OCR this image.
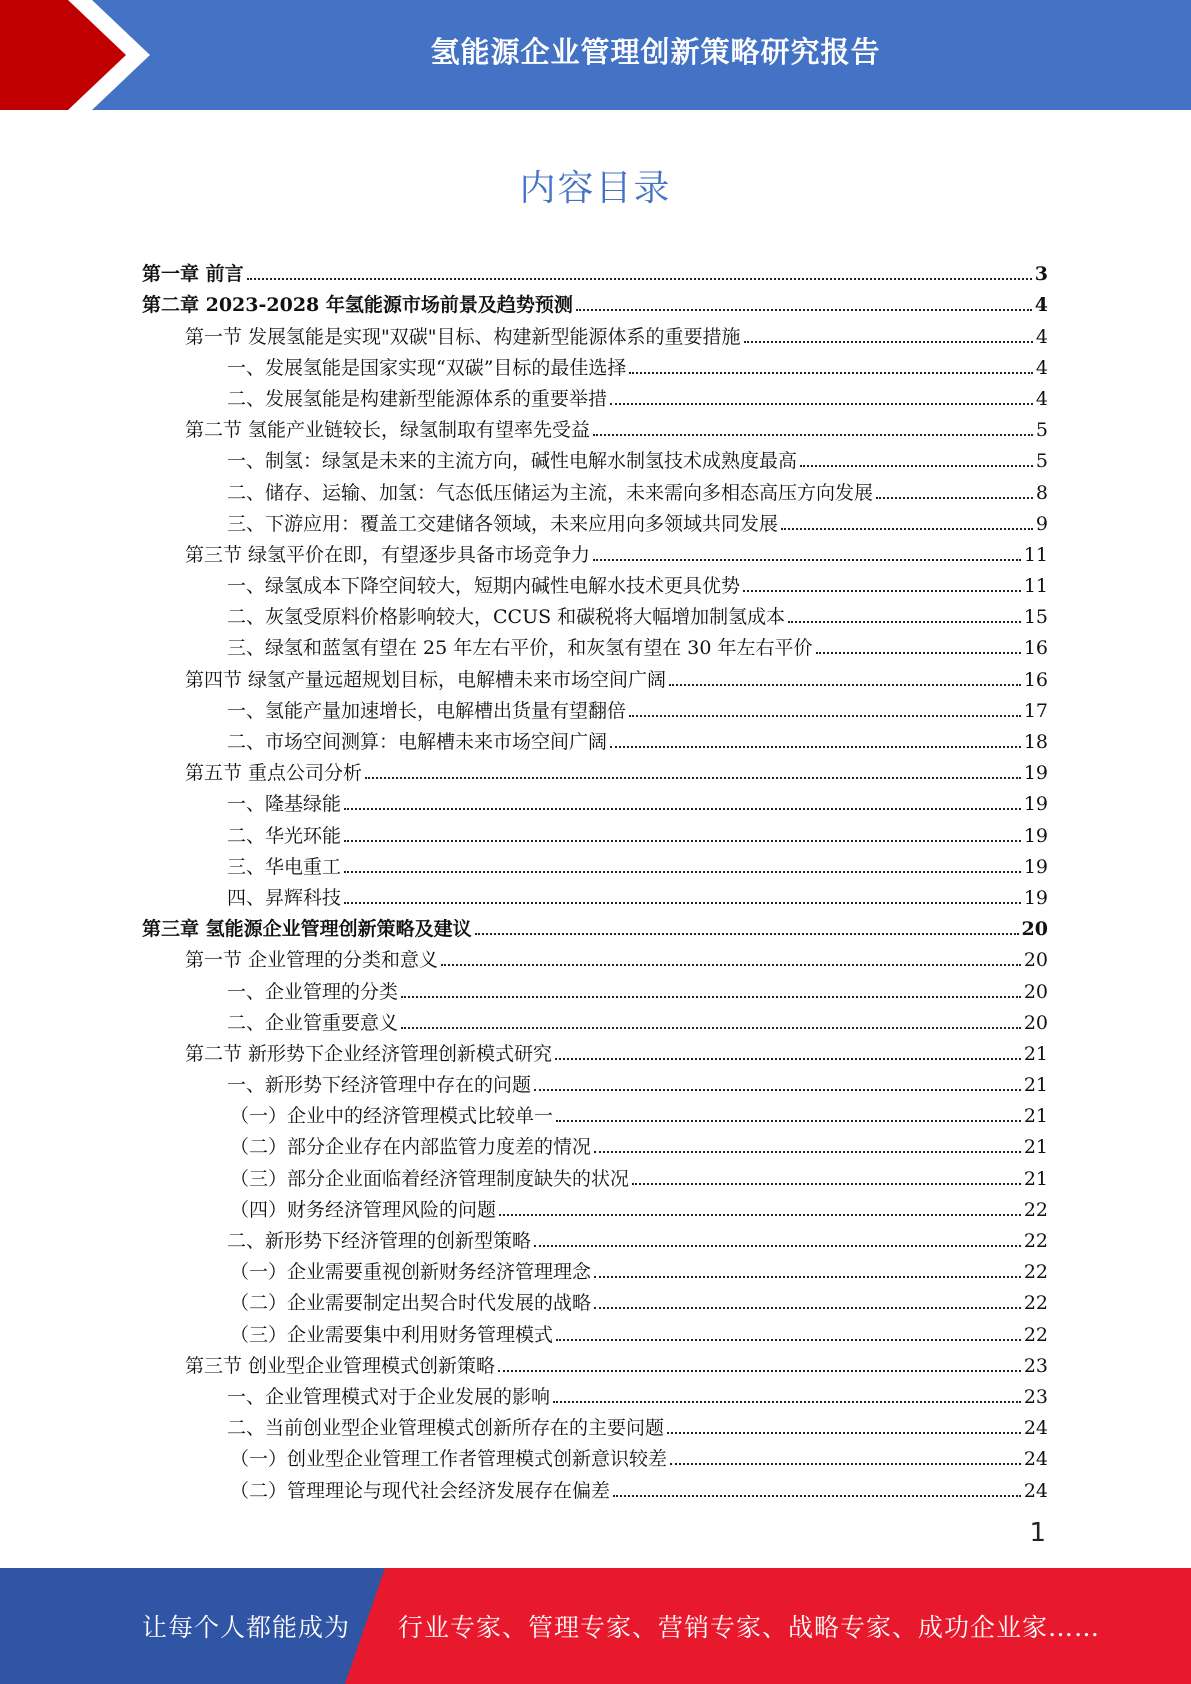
氢能源企业管理创新策略研究报告
内容目录
第一章 前言	3
第二章 2023-2028 年氢能源市场前景及趋势预测	4
第一节 发展氢能是实现"双碳"目标、构建新型能源体系的重要措施	4
一、发展氢能是国家实现“双碳”目标的最佳选择	4
二、发展氢能是构建新型能源体系的重要举措	4
第二节 氢能产业链较长，绿氢制取有望率先受益	5
一、制氢：绿氢是未来的主流方向，碱性电解水制氢技术成熟度最高	5
二、储存、运输、加氢：气态低压储运为主流，未来需向多相态高压方向发展	8
三、下游应用：覆盖工交建储各领域，未来应用向多领域共同发展	9
第三节 绿氢平价在即，有望逐步具备市场竞争力	11
一、绿氢成本下降空间较大，短期内碱性电解水技术更具优势	11
二、灰氢受原料价格影响较大，CCUS 和碳税将大幅增加制氢成本	15
三、绿氢和蓝氢有望在 25 年左右平价，和灰氢有望在 30 年左右平价	16
第四节 绿氢产量远超规划目标，电解槽未来市场空间广阔	16
一、氢能产量加速增长，电解槽出货量有望翻倍	17
二、市场空间测算：电解槽未来市场空间广阔	18
第五节 重点公司分析	19
一、隆基绿能	19
二、华光环能	19
三、华电重工	19
四、昇辉科技	19
第三章 氢能源企业管理创新策略及建议	20
第一节 企业管理的分类和意义	20
一、企业管理的分类	20
二、企业管重要意义	20
第二节 新形势下企业经济管理创新模式研究	21
一、新形势下经济管理中存在的问题	21
（一）企业中的经济管理模式比较单一	21
（二）部分企业存在内部监管力度差的情况	21
（三）部分企业面临着经济管理制度缺失的状况	21
（四）财务经济管理风险的问题	22
二、新形势下经济管理的创新型策略	22
（一）企业需要重视创新财务经济管理理念	22
（二）企业需要制定出契合时代发展的战略	22
（三）企业需要集中利用财务管理模式	22
第三节 创业型企业管理模式创新策略	23
一、企业管理模式对于企业发展的影响	23
二、当前创业型企业管理模式创新所存在的主要问题	24
（一）创业型企业管理工作者管理模式创新意识较差	24
（二）管理理论与现代社会经济发展存在偏差	24
1
让每个人都能成为 行业专家、管理专家、营销专家、战略专家、成功企业家……
